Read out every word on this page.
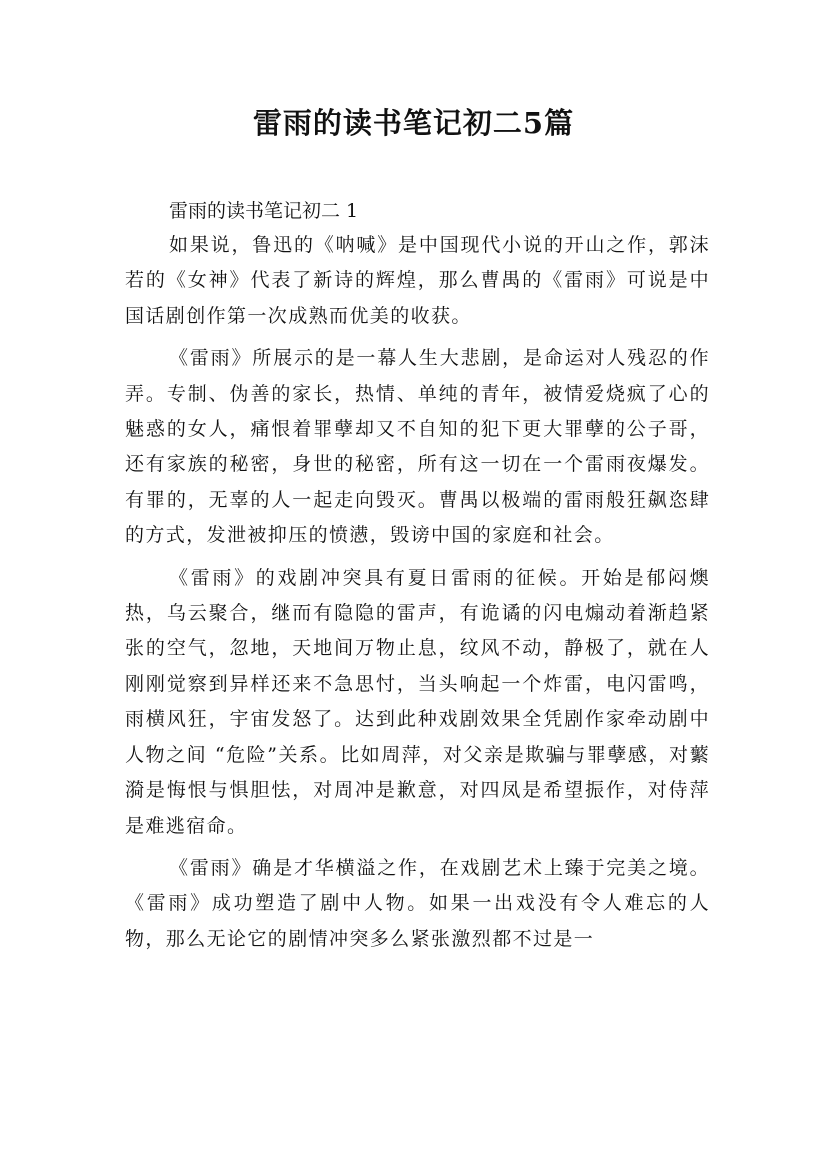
雷雨的读书笔记初二5篇

雷雨的读书笔记初二 1

如果说，鲁迅的《呐喊》是中国现代小说的开山之作，郭沫若的《女神》代表了新诗的辉煌，那么曹禺的《雷雨》可说是中国话剧创作第一次成熟而优美的收获。

《雷雨》所展示的是一幕人生大悲剧，是命运对人残忍的作弄。专制、伪善的家长，热情、单纯的青年，被情爱烧疯了心的魅惑的女人，痛恨着罪孽却又不自知的犯下更大罪孽的公子哥，还有家族的秘密，身世的秘密，所有这一切在一个雷雨夜爆发。有罪的，无辜的人一起走向毁灭。曹禺以极端的雷雨般狂飙恣肆的方式，发泄被抑压的愤懑，毁谤中国的家庭和社会。

《雷雨》的戏剧冲突具有夏日雷雨的征候。开始是郁闷燠热，乌云聚合，继而有隐隐的雷声，有诡谲的闪电煽动着渐趋紧张的空气，忽地，天地间万物止息，纹风不动，静极了，就在人刚刚觉察到异样还来不急思忖，当头响起一个炸雷，电闪雷鸣，雨横风狂，宇宙发怒了。达到此种戏剧效果全凭剧作家牵动剧中人物之间 “危险”关系。比如周萍，对父亲是欺骗与罪孽感，对蘩漪是悔恨与惧胆怯，对周冲是歉意，对四凤是希望振作，对侍萍是难逃宿命。

《雷雨》确是才华横溢之作，在戏剧艺术上臻于完美之境。《雷雨》成功塑造了剧中人物。如果一出戏没有令人难忘的人物，那么无论它的剧情冲突多么紧张激烈都不过是一
